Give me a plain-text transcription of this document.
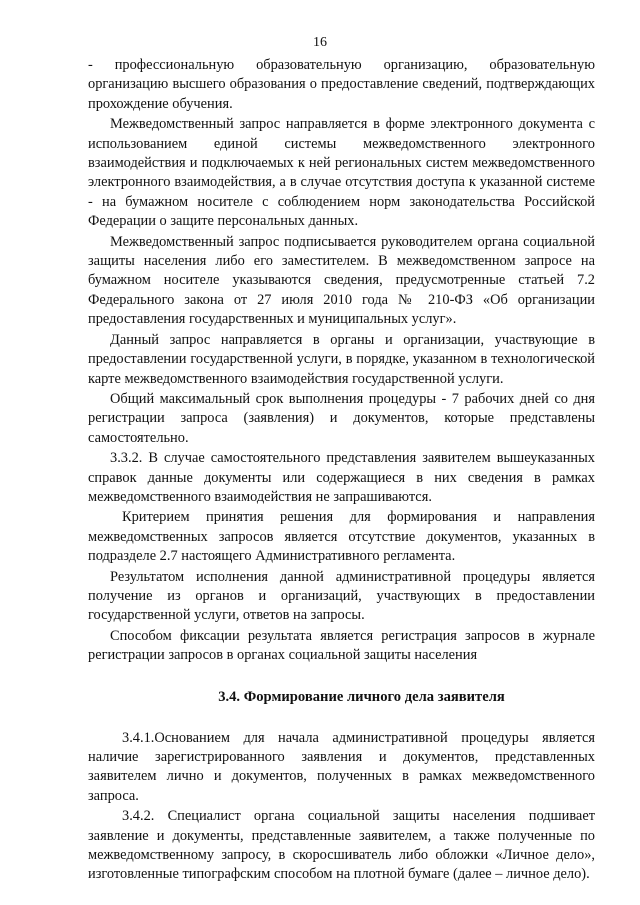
16

- профессиональную образовательную организацию, образовательную организацию высшего образования о предоставление сведений, подтверждающих прохождение обучения.

Межведомственный запрос направляется в форме электронного документа с использованием единой системы межведомственного электронного взаимодействия и подключаемых к ней региональных систем межведомственного электронного взаимодействия, а в случае отсутствия доступа к указанной системе - на бумажном носителе с соблюдением норм законодательства Российской Федерации о защите персональных данных.

Межведомственный запрос подписывается руководителем органа социальной защиты населения либо его заместителем. В межведомственном запросе на бумажном носителе указываются сведения, предусмотренные статьей 7.2 Федерального закона от 27 июля 2010 года № 210-ФЗ «Об организации предоставления государственных и муниципальных услуг».

Данный запрос направляется в органы и организации, участвующие в предоставлении государственной услуги, в порядке, указанном в технологической карте межведомственного взаимодействия государственной услуги.

Общий максимальный срок выполнения процедуры - 7 рабочих дней со дня регистрации запроса (заявления) и документов, которые представлены самостоятельно.

3.3.2. В случае самостоятельного представления заявителем вышеуказанных справок данные документы или содержащиеся в них сведения в рамках межведомственного взаимодействия не запрашиваются.

Критерием принятия решения для формирования и направления межведомственных запросов является отсутствие документов, указанных в подразделе 2.7 настоящего Административного регламента.

Результатом исполнения данной административной процедуры является получение из органов и организаций, участвующих в предоставлении государственной услуги, ответов на запросы.

Способом фиксации результата является регистрация запросов в журнале регистрации запросов в органах социальной защиты населения

3.4. Формирование личного дела заявителя

3.4.1.Основанием для начала административной процедуры является наличие зарегистрированного заявления и документов, представленных заявителем лично и документов, полученных в рамках межведомственного запроса.

3.4.2. Специалист органа социальной защиты населения подшивает заявление и документы, представленные заявителем, а также полученные по межведомственному запросу, в скоросшиватель либо обложки «Личное дело», изготовленные типографским способом на плотной бумаге (далее – личное дело).
